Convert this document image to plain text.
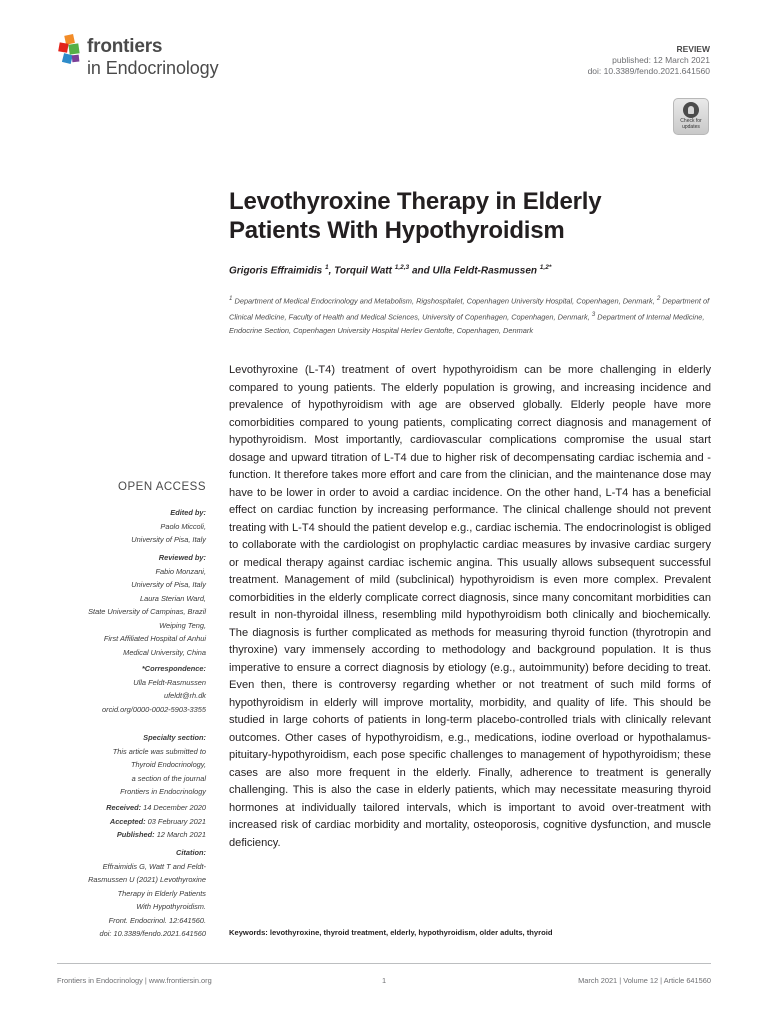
frontiers
in Endocrinology
REVIEW
published: 12 March 2021
doi: 10.3389/fendo.2021.641560
Check for
updates
Levothyroxine Therapy in Elderly Patients With Hypothyroidism
Grigoris Effraimidis $^1$, Torquil Watt $^{1,2,3}$ and Ulla Feldt-Rasmussen $^{1,2*}$
$^1$ Department of Medical Endocrinology and Metabolism, Rigshospitalet, Copenhagen University Hospital, Copenhagen, Denmark, $^2$ Department of Clinical Medicine, Faculty of Health and Medical Sciences, University of Copenhagen, Copenhagen, Denmark, $^3$ Department of Internal Medicine, Endocrine Section, Copenhagen University Hospital Herlev Gentofte, Copenhagen, Denmark
Levothyroxine (L-T4) treatment of overt hypothyroidism can be more challenging in elderly compared to young patients. The elderly population is growing, and increasing incidence and prevalence of hypothyroidism with age are observed globally. Elderly people have more comorbidities compared to young patients, complicating correct diagnosis and management of hypothyroidism. Most importantly, cardiovascular complications compromise the usual start dosage and upward titration of L-T4 due to higher risk of decompensating cardiac ischemia and -function. It therefore takes more effort and care from the clinician, and the maintenance dose may have to be lower in order to avoid a cardiac incidence. On the other hand, L-T4 has a beneficial effect on cardiac function by increasing performance. The clinical challenge should not prevent treating with L-T4 should the patient develop e.g., cardiac ischemia. The endocrinologist is obliged to collaborate with the cardiologist on prophylactic cardiac measures by invasive cardiac surgery or medical therapy against cardiac ischemic angina. This usually allows subsequent successful treatment. Management of mild (subclinical) hypothyroidism is even more complex. Prevalent comorbidities in the elderly complicate correct diagnosis, since many concomitant morbidities can result in non-thyroidal illness, resembling mild hypothyroidism both clinically and biochemically. The diagnosis is further complicated as methods for measuring thyroid function (thyrotropin and thyroxine) vary immensely according to methodology and background population. It is thus imperative to ensure a correct diagnosis by etiology (e.g., autoimmunity) before deciding to treat. Even then, there is controversy regarding whether or not treatment of such mild forms of hypothyroidism in elderly will improve mortality, morbidity, and quality of life. This should be studied in large cohorts of patients in long-term placebo-controlled trials with clinically relevant outcomes. Other cases of hypothyroidism, e.g., medications, iodine overload or hypothalamus-pituitary-hypothyroidism, each pose specific challenges to management of hypothyroidism; these cases are also more frequent in the elderly. Finally, adherence to treatment is generally challenging. This is also the case in elderly patients, which may necessitate measuring thyroid hormones at individually tailored intervals, which is important to avoid over-treatment with increased risk of cardiac morbidity and mortality, osteoporosis, cognitive dysfunction, and muscle deficiency.
Keywords: levothyroxine, thyroid treatment, elderly, hypothyroidism, older adults, thyroid
OPEN ACCESS
Edited by:
Paolo Miccoli,
University of Pisa, Italy
Reviewed by:
Fabio Monzani,
University of Pisa, Italy
Laura Sterian Ward,
State University of Campinas, Brazil
Weiping Teng,
First Affiliated Hospital of Anhui
Medical University, China
*Correspondence:
Ulla Feldt-Rasmussen
ufeldt@rh.dk
orcid.org/0000-0002-5903-3355
Specialty section:
This article was submitted to
Thyroid Endocrinology,
a section of the journal
Frontiers in Endocrinology
Received: 14 December 2020
Accepted: 03 February 2021
Published: 12 March 2021
Citation:
Effraimidis G, Watt T and Feldt-
Rasmussen U (2021) Levothyroxine
Therapy in Elderly Patients
With Hypothyroidism.
Front. Endocrinol. 12:641560.
doi: 10.3389/fendo.2021.641560
Frontiers in Endocrinology | www.frontiersin.org	1	March 2021 | Volume 12 | Article 641560
